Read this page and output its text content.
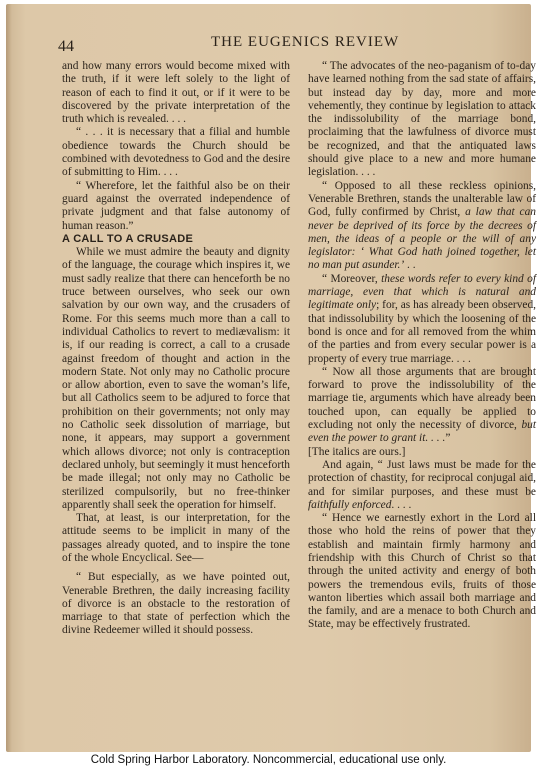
44	THE EUGENICS REVIEW

and how many errors would become mixed with the truth, if it were left solely to the light of reason of each to find it out, or if it were to be discovered by the private interpretation of the truth which is revealed. . . .

“ . . . it is necessary that a filial and humble obedience towards the Church should be combined with devotedness to God and the desire of submitting to Him. . . .

“ Wherefore, let the faithful also be on their guard against the overrated independence of private judgment and that false autonomy of human reason.”

A CALL TO A CRUSADE

While we must admire the beauty and dignity of the language, the courage which inspires it, we must sadly realize that there can henceforth be no truce between ourselves, who seek our own salvation by our own way, and the crusaders of Rome. For this seems much more than a call to individual Catholics to revert to mediævalism: it is, if our reading is correct, a call to a crusade against freedom of thought and action in the modern State. Not only may no Catholic procure or allow abortion, even to save the woman’s life, but all Catholics seem to be adjured to force that prohibition on their governments; not only may no Catholic seek dissolution of marriage, but none, it appears, may support a government which allows divorce; not only is contraception declared unholy, but seemingly it must henceforth be made illegal; not only may no Catholic be sterilized compulsorily, but no free-thinker apparently shall seek the operation for himself.

That, at least, is our interpretation, for the attitude seems to be implicit in many of the passages already quoted, and to inspire the tone of the whole Encyclical. See—

“ But especially, as we have pointed out, Venerable Brethren, the daily increasing facility of divorce is an obstacle to the restoration of marriage to that state of perfection which the divine Redeemer willed it should possess.

“ The advocates of the neo-paganism of to-day have learned nothing from the sad state of affairs, but instead day by day, more and more vehemently, they continue by legislation to attack the indissolubility of the marriage bond, proclaiming that the lawfulness of divorce must be recognized, and that the antiquated laws should give place to a new and more humane legislation. . . .

“ Opposed to all these reckless opinions, Venerable Brethren, stands the unalterable law of God, fully confirmed by Christ, a law that can never be deprived of its force by the decrees of men, the ideas of a people or the will of any legislator: ‘ What God hath joined together, let no man put asunder.’ . .

“ Moreover, these words refer to every kind of marriage, even that which is natural and legitimate only; for, as has already been observed, that indissolubility by which the loosening of the bond is once and for all removed from the whim of the parties and from every secular power is a property of every true marriage. . . .

“ Now all those arguments that are brought forward to prove the indissolubility of the marriage tie, arguments which have already been touched upon, can equally be applied to excluding not only the necessity of divorce, but even the power to grant it. . . .”

[The italics are ours.]

And again, “ Just laws must be made for the protection of chastity, for reciprocal conjugal aid, and for similar purposes, and these must be faithfully enforced. . . .

“ Hence we earnestly exhort in the Lord all those who hold the reins of power that they establish and maintain firmly harmony and friendship with this Church of Christ so that through the united activity and energy of both powers the tremendous evils, fruits of those wanton liberties which assail both marriage and the family, and are a menace to both Church and State, may be effectively frustrated.

Cold Spring Harbor Laboratory. Noncommercial, educational use only.
